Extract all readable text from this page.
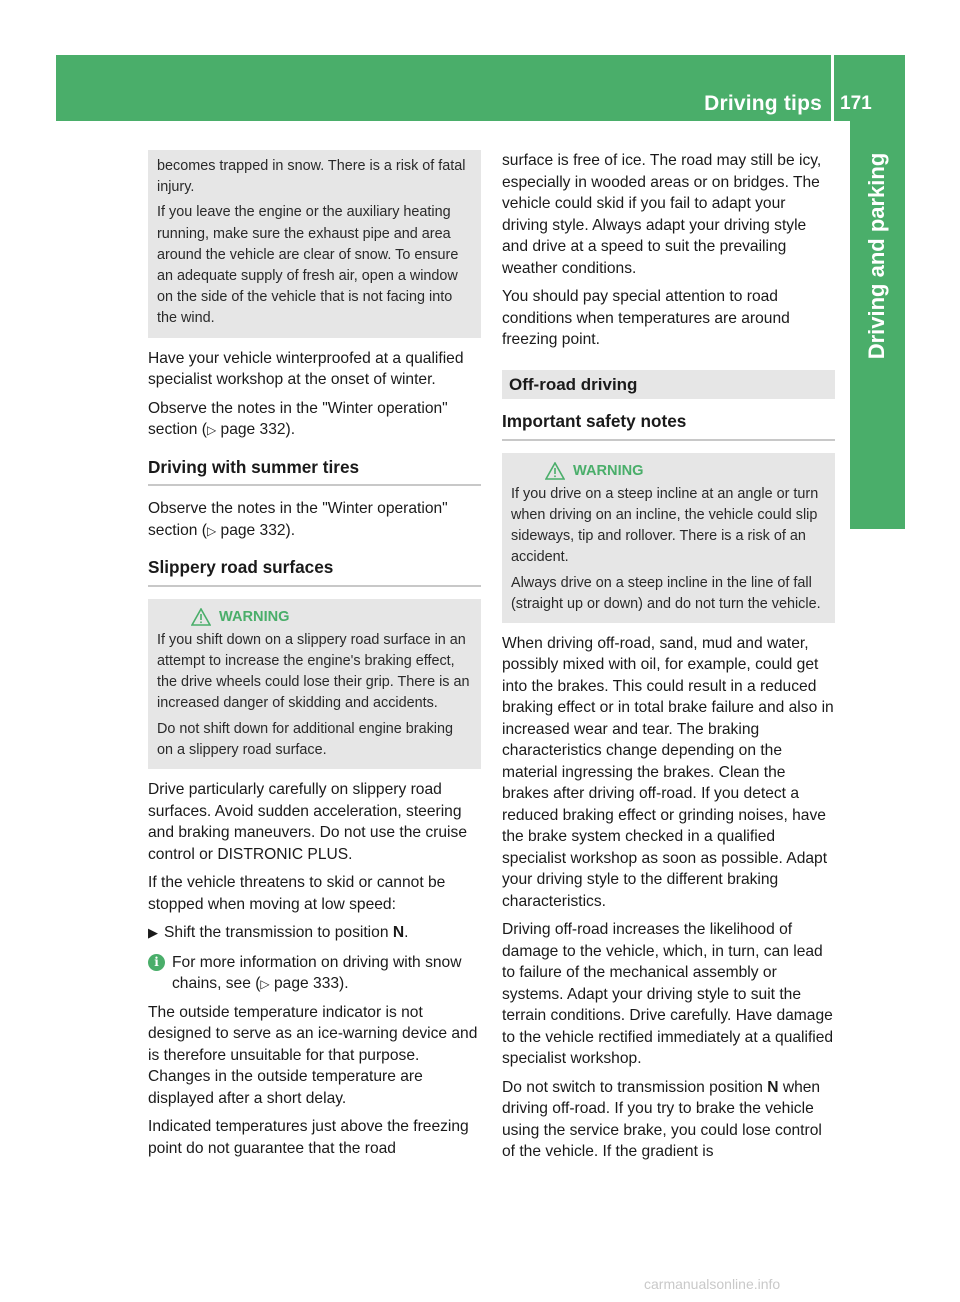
Driving tips 171
Driving and parking

becomes trapped in snow. There is a risk of fatal injury.

If you leave the engine or the auxiliary heating running, make sure the exhaust pipe and area around the vehicle are clear of snow. To ensure an adequate supply of fresh air, open a window on the side of the vehicle that is not facing into the wind.

Have your vehicle winterproofed at a qualified specialist workshop at the onset of winter.

Observe the notes in the "Winter operation" section (▷ page 332).

Driving with summer tires

Observe the notes in the "Winter operation" section (▷ page 332).

Slippery road surfaces
WARNING

If you shift down on a slippery road surface in an attempt to increase the engine's braking effect, the drive wheels could lose their grip. There is an increased danger of skidding and accidents.

Do not shift down for additional engine braking on a slippery road surface.

Drive particularly carefully on slippery road surfaces. Avoid sudden acceleration, steering and braking maneuvers. Do not use the cruise control or DISTRONIC PLUS.

If the vehicle threatens to skid or cannot be stopped when moving at low speed:

▶ Shift the transmission to position N.
i For more information on driving with snow chains, see (▷ page 333).

The outside temperature indicator is not designed to serve as an ice-warning device and is therefore unsuitable for that purpose. Changes in the outside temperature are displayed after a short delay.

Indicated temperatures just above the freezing point do not guarantee that the road

surface is free of ice. The road may still be icy, especially in wooded areas or on bridges. The vehicle could skid if you fail to adapt your driving style. Always adapt your driving style and drive at a speed to suit the prevailing weather conditions.

You should pay special attention to road conditions when temperatures are around freezing point.

Off-road driving
Important safety notes
WARNING

If you drive on a steep incline at an angle or turn when driving on an incline, the vehicle could slip sideways, tip and rollover. There is a risk of an accident.

Always drive on a steep incline in the line of fall (straight up or down) and do not turn the vehicle.

When driving off-road, sand, mud and water, possibly mixed with oil, for example, could get into the brakes. This could result in a reduced braking effect or in total brake failure and also in increased wear and tear. The braking characteristics change depending on the material ingressing the brakes. Clean the brakes after driving off-road. If you detect a reduced braking effect or grinding noises, have the brake system checked in a qualified specialist workshop as soon as possible. Adapt your driving style to the different braking characteristics.

Driving off-road increases the likelihood of damage to the vehicle, which, in turn, can lead to failure of the mechanical assembly or systems. Adapt your driving style to suit the terrain conditions. Drive carefully. Have damage to the vehicle rectified immediately at a qualified specialist workshop.

Do not switch to transmission position N when driving off-road. If you try to brake the vehicle using the service brake, you could lose control of the vehicle. If the gradient is

carmanualsonline.info
